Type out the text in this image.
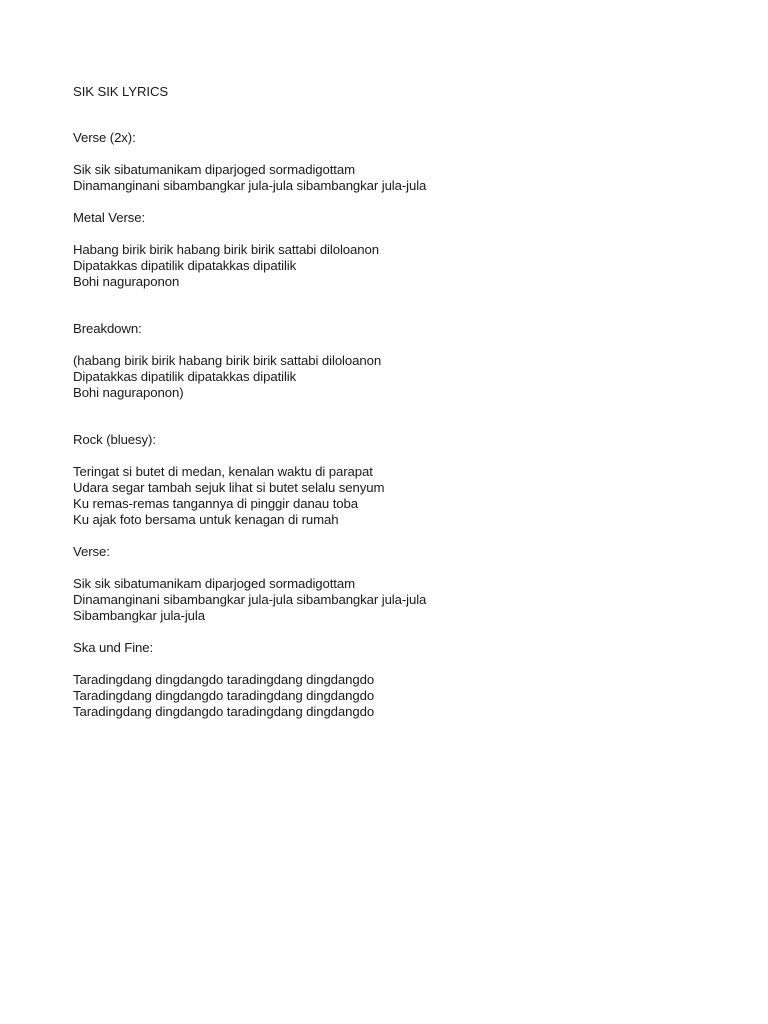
SIK SIK LYRICS

Verse (2x):

Sik sik sibatumanikam diparjoged sormadigottam

Dinamanginani sibambangkar jula-jula sibambangkar jula-jula

Metal Verse:

Habang birik birik habang birik birik sattabi diloloanon

Dipatakkas dipatilik dipatakkas dipatilik

Bohi naguraponon

Breakdown:

(habang birik birik habang birik birik sattabi diloloanon

Dipatakkas dipatilik dipatakkas dipatilik

Bohi naguraponon)

Rock (bluesy):

Teringat si butet di medan, kenalan waktu di parapat

Udara segar tambah sejuk lihat si butet selalu senyum

Ku remas-remas tangannya di pinggir danau toba

Ku ajak foto bersama untuk kenagan di rumah

Verse:

Sik sik sibatumanikam diparjoged sormadigottam

Dinamanginani sibambangkar jula-jula sibambangkar jula-jula

Sibambangkar jula-jula

Ska und Fine:

Taradingdang dingdangdo taradingdang dingdangdo

Taradingdang dingdangdo taradingdang dingdangdo

Taradingdang dingdangdo taradingdang dingdangdo
